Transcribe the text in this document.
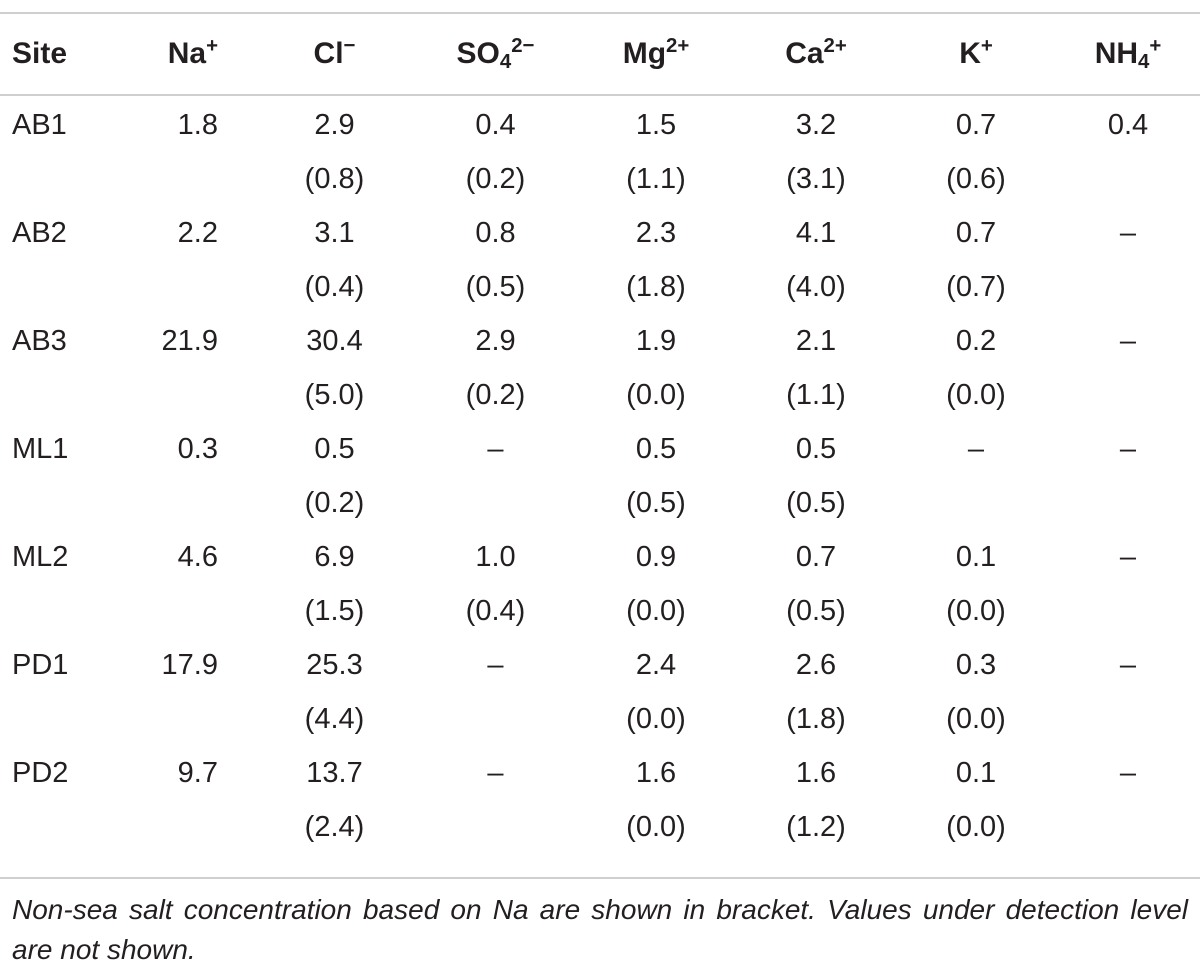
Site	Na+	Cl−	$SO_4^{2-}$	$Mg^{2+}$	$Ca^{2+}$	K+	$NH_4^+$
AB1	1.8	2.9	0.4	1.5	3.2	0.7	0.4
		(0.8)	(0.2)	(1.1)	(3.1)	(0.6)	
AB2	2.2	3.1	0.8	2.3	4.1	0.7	–
		(0.4)	(0.5)	(1.8)	(4.0)	(0.7)	
AB3	21.9	30.4	2.9	1.9	2.1	0.2	–
		(5.0)	(0.2)	(0.0)	(1.1)	(0.0)	
ML1	0.3	0.5	–	0.5	0.5	–	–
		(0.2)		(0.5)	(0.5)		
ML2	4.6	6.9	1.0	0.9	0.7	0.1	–
		(1.5)	(0.4)	(0.0)	(0.5)	(0.0)	
PD1	17.9	25.3	–	2.4	2.6	0.3	–
		(4.4)		(0.0)	(1.8)	(0.0)	
PD2	9.7	13.7	–	1.6	1.6	0.1	–
		(2.4)		(0.0)	(1.2)	(0.0)	

Non-sea salt concentration based on Na are shown in bracket. Values under detection level are not shown.
